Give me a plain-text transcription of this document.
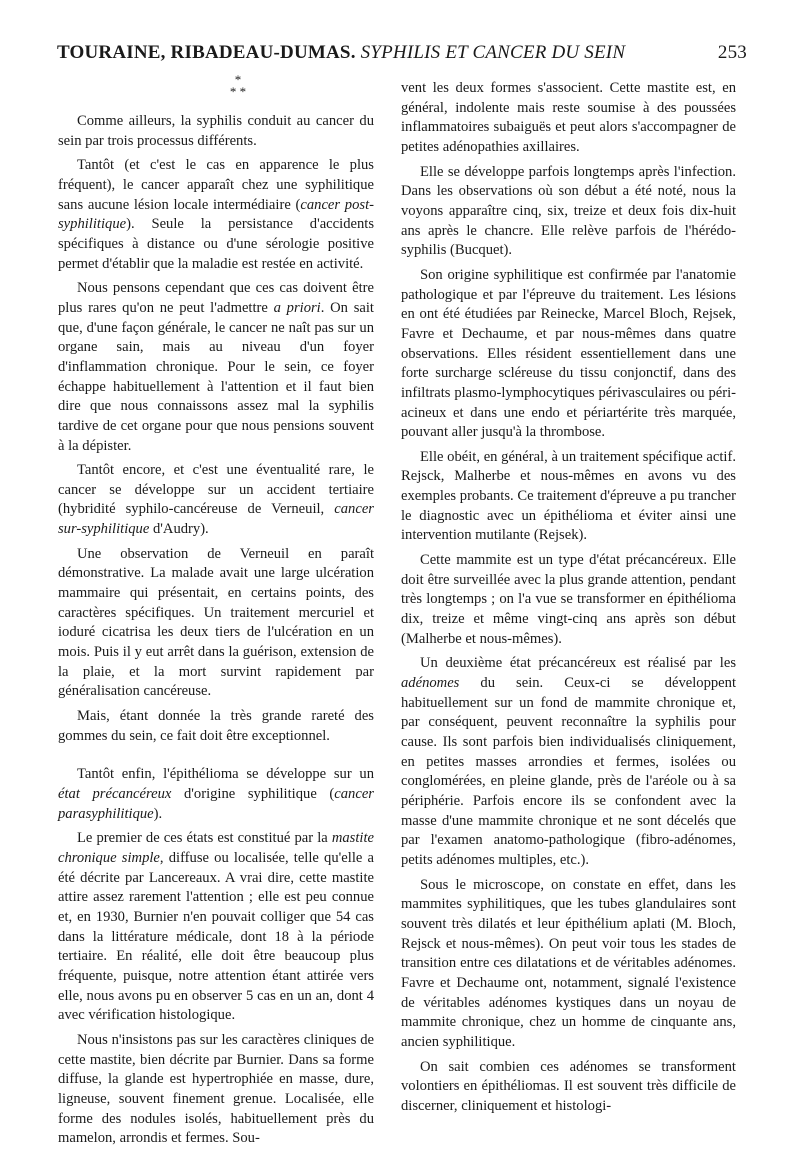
TOURAINE, RIBADEAU-DUMAS. SYPHILIS ET CANCER DU SEIN	253
*
* *

Comme ailleurs, la syphilis conduit au cancer du sein par trois processus différents.

Tantôt (et c'est le cas en apparence le plus fréquent), le cancer apparaît chez une syphilitique sans aucune lésion locale intermédiaire (cancer post-syphilitique). Seule la persistance d'accidents spécifiques à distance ou d'une sérologie positive permet d'établir que la maladie est restée en activité.

Nous pensons cependant que ces cas doivent être plus rares qu'on ne peut l'admettre a priori. On sait que, d'une façon générale, le cancer ne naît pas sur un organe sain, mais au niveau d'un foyer d'inflammation chronique. Pour le sein, ce foyer échappe habituellement à l'attention et il faut bien dire que nous connaissons assez mal la syphilis tardive de cet organe pour que nous pensions souvent à la dépister.

Tantôt encore, et c'est une éventualité rare, le cancer se développe sur un accident tertiaire (hybridité syphilo-cancéreuse de Verneuil, cancer sur-syphilitique d'Audry).

Une observation de Verneuil en paraît démonstrative. La malade avait une large ulcération mammaire qui présentait, en certains points, des caractères spécifiques. Un traitement mercuriel et ioduré cicatrisa les deux tiers de l'ulcération en un mois. Puis il y eut arrêt dans la guérison, extension de la plaie, et la mort survint rapidement par généralisation cancéreuse.

Mais, étant donnée la très grande rareté des gommes du sein, ce fait doit être exceptionnel.

Tantôt enfin, l'épithélioma se développe sur un état précancéreux d'origine syphilitique (cancer parasyphilitique).

Le premier de ces états est constitué par la mastite chronique simple, diffuse ou localisée, telle qu'elle a été décrite par Lancereaux. A vrai dire, cette mastite attire assez rarement l'attention ; elle est peu connue et, en 1930, Burnier n'en pouvait colliger que 54 cas dans la littérature médicale, dont 18 à la période tertiaire. En réalité, elle doit être beaucoup plus fréquente, puisque, notre attention étant attirée vers elle, nous avons pu en observer 5 cas en un an, dont 4 avec vérification histologique.

Nous n'insistons pas sur les caractères cliniques de cette mastite, bien décrite par Burnier. Dans sa forme diffuse, la glande est hypertrophiée en masse, dure, ligneuse, souvent finement grenue. Localisée, elle forme des nodules isolés, habituellement près du mamelon, arrondis et fermes. Sou-

vent les deux formes s'associent. Cette mastite est, en général, indolente mais reste soumise à des poussées inflammatoires subaiguës et peut alors s'accompagner de petites adénopathies axillaires.

Elle se développe parfois longtemps après l'infection. Dans les observations où son début a été noté, nous la voyons apparaître cinq, six, treize et deux fois dix-huit ans après le chancre. Elle relève parfois de l'hérédo-syphilis (Bucquet).

Son origine syphilitique est confirmée par l'anatomie pathologique et par l'épreuve du traitement. Les lésions en ont été étudiées par Reinecke, Marcel Bloch, Rejsek, Favre et Dechaume, et par nous-mêmes dans quatre observations. Elles résident essentiellement dans une forte surcharge scléreuse du tissu conjonctif, dans des infiltrats plasmo-lymphocytiques périvasculaires ou péri-acineux et dans une endo et périartérite très marquée, pouvant aller jusqu'à la thrombose.

Elle obéit, en général, à un traitement spécifique actif. Rejsck, Malherbe et nous-mêmes en avons vu des exemples probants. Ce traitement d'épreuve a pu trancher le diagnostic avec un épithélioma et éviter ainsi une intervention mutilante (Rejsek).

Cette mammite est un type d'état précancéreux. Elle doit être surveillée avec la plus grande attention, pendant très longtemps ; on l'a vue se transformer en épithélioma dix, treize et même vingt-cinq ans après son début (Malherbe et nous-mêmes).

Un deuxième état précancéreux est réalisé par les adénomes du sein. Ceux-ci se développent habituellement sur un fond de mammite chronique et, par conséquent, peuvent reconnaître la syphilis pour cause. Ils sont parfois bien individualisés cliniquement, en petites masses arrondies et fermes, isolées ou conglomérées, en pleine glande, près de l'aréole ou à sa périphérie. Parfois encore ils se confondent avec la masse d'une mammite chronique et ne sont décelés que par l'examen anatomo-pathologique (fibro-adénomes, petits adénomes multiples, etc.).

Sous le microscope, on constate en effet, dans les mammites syphilitiques, que les tubes glandulaires sont souvent très dilatés et leur épithélium aplati (M. Bloch, Rejsck et nous-mêmes). On peut voir tous les stades de transition entre ces dilatations et de véritables adénomes. Favre et Dechaume ont, notamment, signalé l'existence de véritables adénomes kystiques dans un noyau de mammite chronique, chez un homme de cinquante ans, ancien syphilitique.

On sait combien ces adénomes se transforment volontiers en épithéliomas. Il est souvent très difficile de discerner, cliniquement et histologi-
